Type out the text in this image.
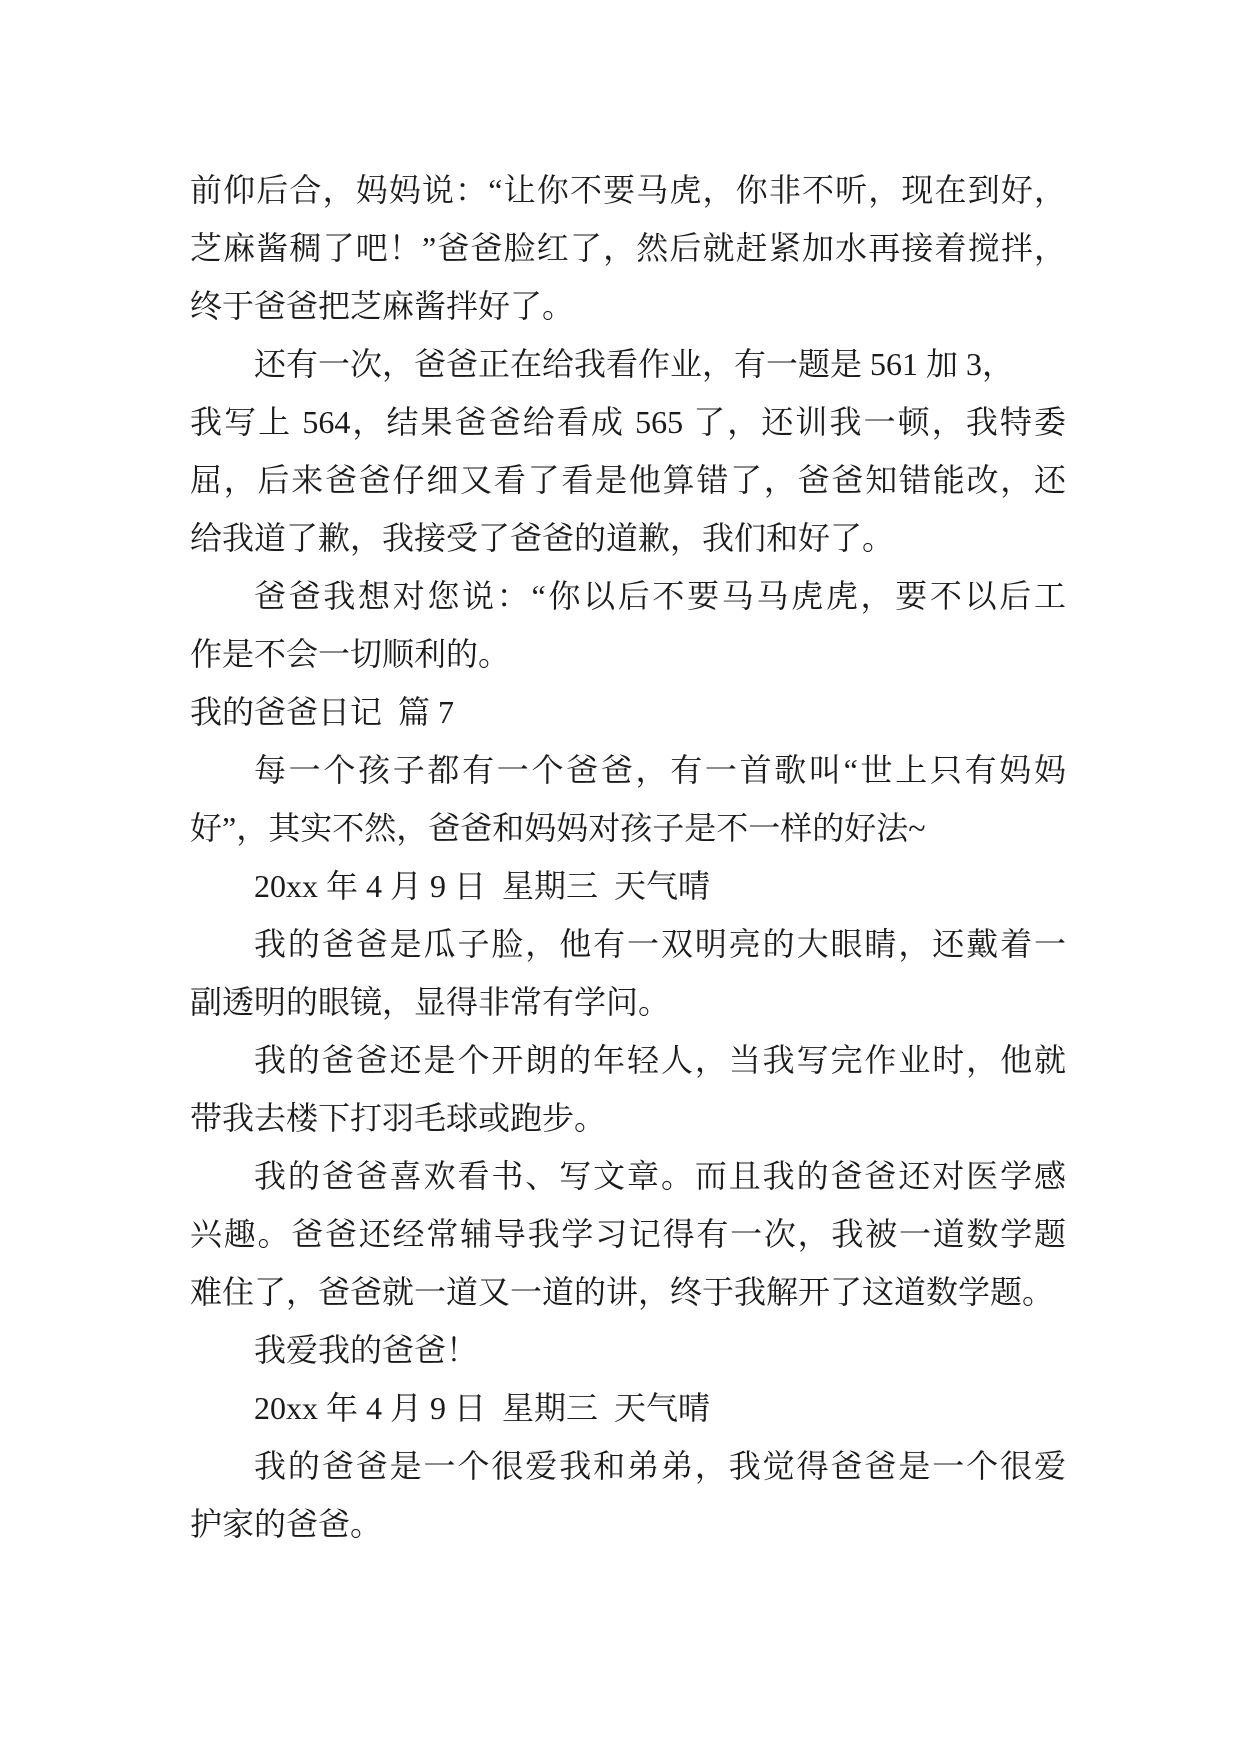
前仰后合，妈妈说：“让你不要马虎，你非不听，现在到好，
芝麻酱稠了吧！”爸爸脸红了，然后就赶紧加水再接着搅拌，
终于爸爸把芝麻酱拌好了。
还有一次，爸爸正在给我看作业，有一题是 561 加 3，
我写上 564，结果爸爸给看成 565 了，还训我一顿，我特委
屈，后来爸爸仔细又看了看是他算错了，爸爸知错能改，还
给我道了歉，我接受了爸爸的道歉，我们和好了。
爸爸我想对您说：“你以后不要马马虎虎，要不以后工
作是不会一切顺利的。
我的爸爸日记  篇 7
每一个孩子都有一个爸爸，有一首歌叫“世上只有妈妈
好”，其实不然，爸爸和妈妈对孩子是不一样的好法~
20xx 年 4 月 9 日  星期三  天气晴
我的爸爸是瓜子脸，他有一双明亮的大眼睛，还戴着一
副透明的眼镜，显得非常有学问。
我的爸爸还是个开朗的年轻人，当我写完作业时，他就
带我去楼下打羽毛球或跑步。
我的爸爸喜欢看书、写文章。而且我的爸爸还对医学感
兴趣。爸爸还经常辅导我学习记得有一次，我被一道数学题
难住了，爸爸就一道又一道的讲，终于我解开了这道数学题。
我爱我的爸爸！
20xx 年 4 月 9 日  星期三  天气晴
我的爸爸是一个很爱我和弟弟，我觉得爸爸是一个很爱
护家的爸爸。
